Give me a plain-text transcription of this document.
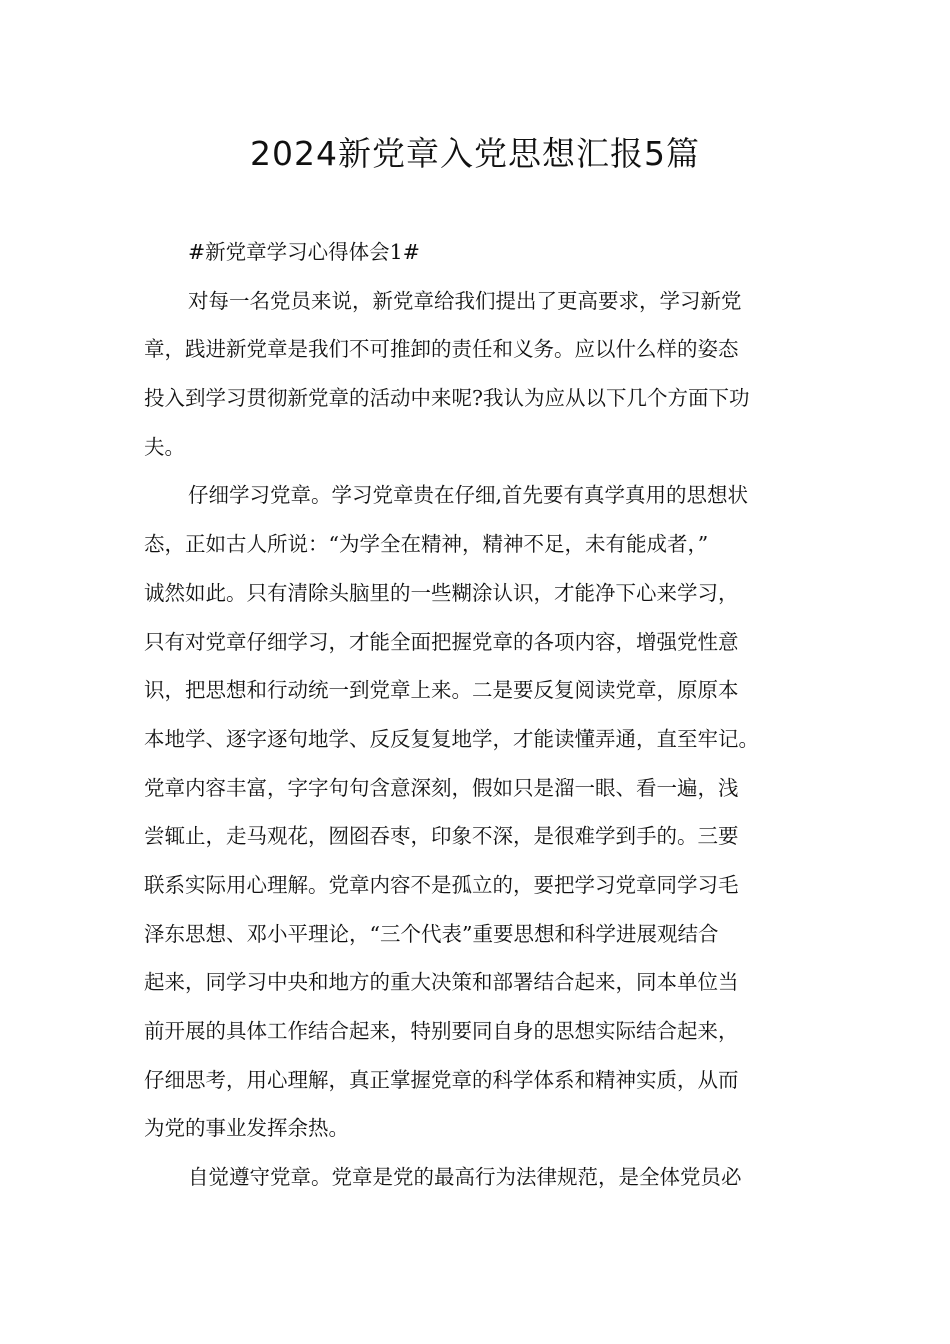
2024新党章入党思想汇报5篇
#新党章学习心得体会1#
对每一名党员来说，新党章给我们提出了更高要求，学习新党
章，践进新党章是我们不可推卸的责任和义务。应以什么样的姿态
投入到学习贯彻新党章的活动中来呢?我认为应从以下几个方面下功
夫。
仔细学习党章。学习党章贵在仔细,首先要有真学真用的思想状
态，正如古人所说：“为学全在精神，精神不足，未有能成者，”
诚然如此。只有清除头脑里的一些糊涂认识，才能净下心来学习，
只有对党章仔细学习，才能全面把握党章的各项内容，增强党性意
识，把思想和行动统一到党章上来。二是要反复阅读党章，原原本
本地学、逐字逐句地学、反反复复地学，才能读懂弄通，直至牢记。
党章内容丰富，字字句句含意深刻，假如只是溜一眼、看一遍，浅
尝辄止，走马观花，囫囵吞枣，印象不深，是很难学到手的。三要
联系实际用心理解。党章内容不是孤立的，要把学习党章同学习毛
泽东思想、邓小平理论，“三个代表”重要思想和科学进展观结合
起来，同学习中央和地方的重大决策和部署结合起来，同本单位当
前开展的具体工作结合起来，特别要同自身的思想实际结合起来，
仔细思考，用心理解，真正掌握党章的科学体系和精神实质，从而
为党的事业发挥余热。
自觉遵守党章。党章是党的最高行为法律规范，是全体党员必
